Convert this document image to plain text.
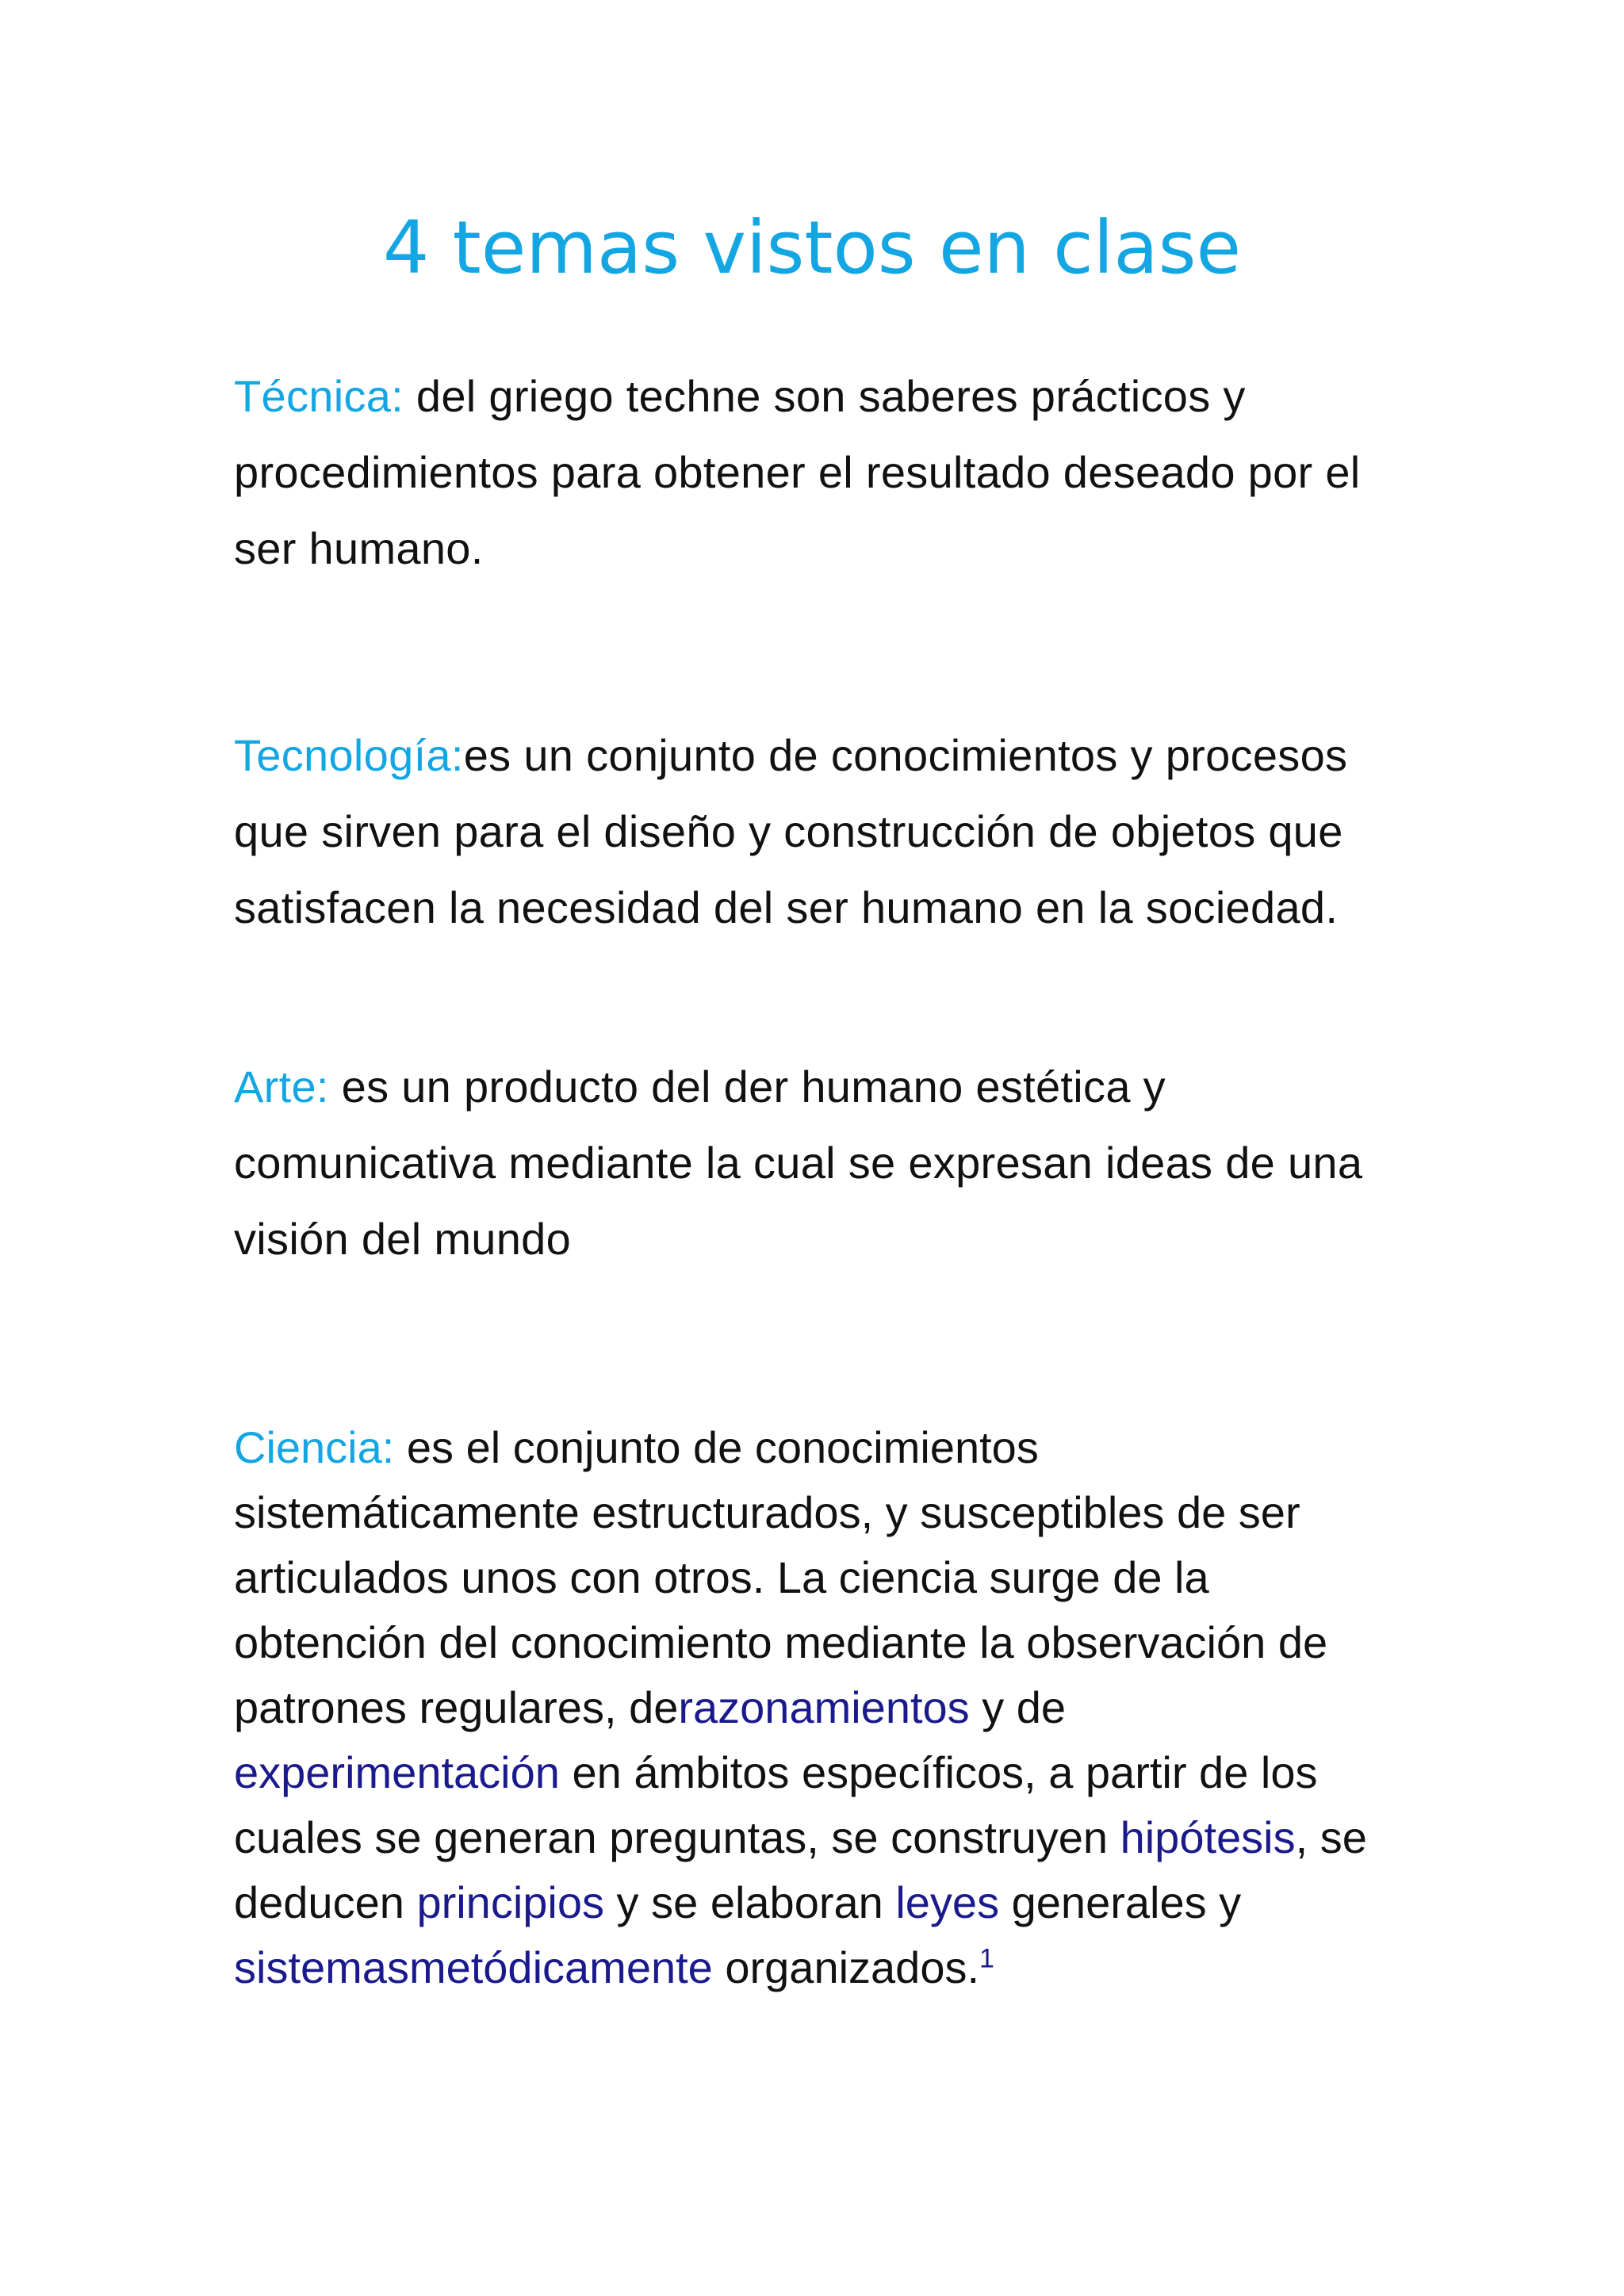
4 temas vistos en clase

Técnica: del griego techne son saberes prácticos y procedimientos para obtener el resultado deseado por el ser humano.

Tecnología:es un conjunto de conocimientos y procesos que sirven para el diseño y construcción de objetos que satisfacen la necesidad del ser humano en la sociedad.

Arte: es un producto del der humano estética y comunicativa mediante la cual se expresan ideas de una visión del mundo

Ciencia: es el conjunto de conocimientos sistemáticamente estructurados, y susceptibles de ser articulados unos con otros. La ciencia surge de la obtención del conocimiento mediante la observación de patrones regulares, derazonamientos y de experimentación en ámbitos específicos, a partir de los cuales se generan preguntas, se construyen hipótesis, se deducen principios y se elaboran leyes generales y sistemasmetódicamente organizados.$^1$
